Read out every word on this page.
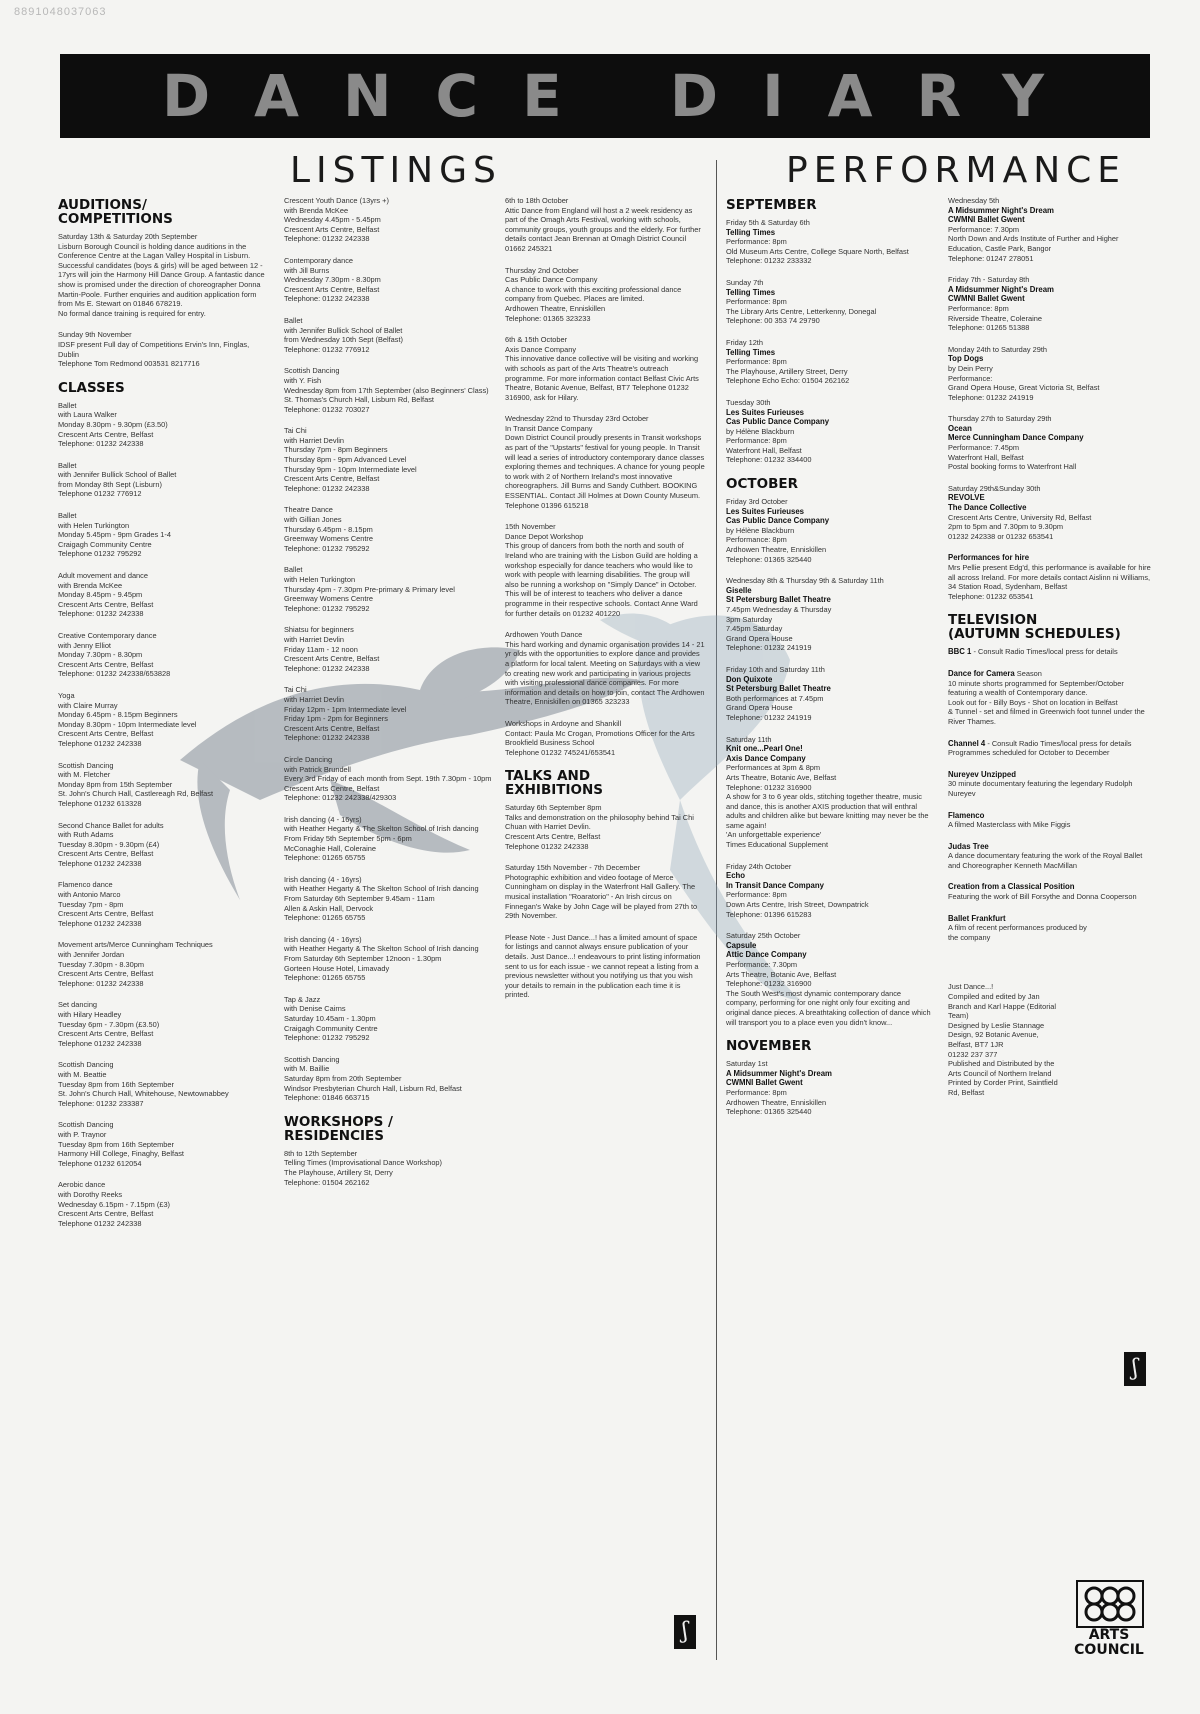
8891048037063
DANCE DIARY
LISTINGS	PERFORMANCE
AUDITIONS/
COMPETITIONS
Saturday 13th & Saturday 20th September
Lisburn Borough Council is holding dance auditions in the Conference Centre at the Lagan Valley Hospital in Lisburn. Successful candidates (boys & girls) will be aged between 12 - 17yrs will join the Harmony Hill Dance Group. A fantastic dance show is promised under the direction of choreographer Donna Martin-Poole. Further enquiries and audition application form from Ms E. Stewart on 01846 678219.
No formal dance training is required for entry.
Sunday 9th November
IDSF present Full day of Competitions Ervin's Inn, Finglas, Dublin
Telephone Tom Redmond 003531 8217716
CLASSES
Ballet
with Laura Walker
Monday 8.30pm - 9.30pm (£3.50)
Crescent Arts Centre, Belfast
Telephone: 01232 242338
Ballet
with Jennifer Bullick School of Ballet
from Monday 8th Sept (Lisburn)
Telephone 01232 776912
Ballet
with Helen Turkington
Monday 5.45pm - 9pm Grades 1-4
Craigagh Community Centre
Telephone 01232 795292
Adult movement and dance
with Brenda McKee
Monday 8.45pm - 9.45pm
Crescent Arts Centre, Belfast
Telephone: 01232 242338
Creative Contemporary dance
with Jenny Elliot
Monday 7.30pm - 8.30pm
Crescent Arts Centre, Belfast
Telephone: 01232 242338/653828
Yoga
with Claire Murray
Monday 6.45pm - 8.15pm Beginners
Monday 8.30pm - 10pm Intermediate level
Crescent Arts Centre, Belfast
Telephone 01232 242338
Scottish Dancing
with M. Fletcher
Monday 8pm from 15th September
St. John's Church Hall, Castlereagh Rd, Belfast
Telephone 01232 613328
Second Chance Ballet for adults
with Ruth Adams
Tuesday 8.30pm - 9.30pm (£4)
Crescent Arts Centre, Belfast
Telephone 01232 242338
Flamenco dance
with Antonio Marco
Tuesday 7pm - 8pm
Crescent Arts Centre, Belfast
Telephone 01232 242338
Movement arts/Merce Cunningham Techniques
with Jennifer Jordan
Tuesday 7.30pm - 8.30pm
Crescent Arts Centre, Belfast
Telephone: 01232 242338
Set dancing
with Hilary Headley
Tuesday 6pm - 7.30pm (£3.50)
Crescent Arts Centre, Belfast
Telephone 01232 242338
Scottish Dancing
with M. Beattie
Tuesday 8pm from 16th September
St. John's Church Hall, Whitehouse, Newtownabbey
Telephone: 01232 233387
Scottish Dancing
with P. Traynor
Tuesday 8pm from 16th September
Harmony Hill College, Finaghy, Belfast
Telephone 01232 612054
Aerobic dance
with Dorothy Reeks
Wednesday 6.15pm - 7.15pm (£3)
Crescent Arts Centre, Belfast
Telephone 01232 242338
Crescent Youth Dance (13yrs +)
with Brenda McKee
Wednesday 4.45pm - 5.45pm
Crescent Arts Centre, Belfast
Telephone: 01232 242338
Contemporary dance
with Jill Burns
Wednesday 7.30pm - 8.30pm
Crescent Arts Centre, Belfast
Telephone: 01232 242338
Ballet
with Jennifer Bullick School of Ballet
from Wednesday 10th Sept (Belfast)
Telephone: 01232 776912
Scottish Dancing
with Y. Fish
Wednesday 8pm from 17th September (also Beginners' Class)
St. Thomas's Church Hall, Lisburn Rd, Belfast
Telephone: 01232 703027
Tai Chi
with Harriet Devlin
Thursday 7pm - 8pm Beginners
Thursday 8pm - 9pm Advanced Level
Thursday 9pm - 10pm Intermediate level
Crescent Arts Centre, Belfast
Telephone: 01232 242338
Theatre Dance
with Gillian Jones
Thursday 6.45pm - 8.15pm
Greenway Womens Centre
Telephone: 01232 795292
Ballet
with Helen Turkington
Thursday 4pm - 7.30pm Pre-primary & Primary level
Greenway Womens Centre
Telephone: 01232 795292
Shiatsu for beginners
with Harriet Devlin
Friday 11am - 12 noon
Crescent Arts Centre, Belfast
Telephone: 01232 242338
Tai Chi
with Harriet Devlin
Friday 12pm - 1pm Intermediate level
Friday 1pm - 2pm for Beginners
Crescent Arts Centre, Belfast
Telephone: 01232 242338
Circle Dancing
with Patrick Brundell
Every 3rd Friday of each month from Sept. 19th 7.30pm - 10pm
Crescent Arts Centre, Belfast
Telephone: 01232 242338/429303
Irish dancing (4 - 16yrs)
with Heather Hegarty & The Skelton School of Irish dancing
From Friday 5th September 5pm - 6pm
McConaghie Hall, Coleraine
Telephone: 01265 65755
Irish dancing (4 - 16yrs)
with Heather Hegarty & The Skelton School of Irish dancing
From Saturday 6th September 9.45am - 11am
Allen & Askin Hall, Dervock
Telephone: 01265 65755
Irish dancing (4 - 16yrs)
with Heather Hegarty & The Skelton School of Irish dancing
From Saturday 6th September 12noon - 1.30pm
Gorteen House Hotel, Limavady
Telephone: 01265 65755
Tap & Jazz
with Denise Cairns
Saturday 10.45am - 1.30pm
Craigagh Community Centre
Telephone: 01232 795292
Scottish Dancing
with M. Baillie
Saturday 8pm from 20th September
Windsor Presbyterian Church Hall, Lisburn Rd, Belfast
Telephone: 01846 663715
WORKSHOPS /
RESIDENCIES
8th to 12th September
Telling Times (Improvisational Dance Workshop)
The Playhouse, Artillery St, Derry
Telephone: 01504 262162
6th to 18th October
Attic Dance from England will host a 2 week residency as part of the Omagh Arts Festival, working with schools, community groups, youth groups and the elderly. For further details contact Jean Brennan at Omagh District Council 01662 245321
Thursday 2nd October
Cas Public Dance Company
A chance to work with this exciting professional dance company from Quebec. Places are limited.
Ardhowen Theatre, Enniskillen
Telephone: 01365 323233
6th & 15th October
Axis Dance Company
This innovative dance collective will be visiting and working with schools as part of the Arts Theatre's outreach programme. For more information contact Belfast Civic Arts Theatre, Botanic Avenue, Belfast, BT7 Telephone 01232 316900, ask for Hilary.
Wednesday 22nd to Thursday 23rd October
In Transit Dance Company
Down District Council proudly presents in Transit workshops as part of the "Upstarts" festival for young people. In Transit will lead a series of introductory contemporary dance classes exploring themes and techniques. A chance for young people to work with 2 of Northern Ireland's most innovative choreographers. Jill Burns and Sandy Cuthbert. BOOKING ESSENTIAL. Contact Jill Holmes at Down County Museum. Telephone 01396 615218
15th November
Dance Depot Workshop
This group of dancers from both the north and south of Ireland who are training with the Lisbon Guild are holding a workshop especially for dance teachers who would like to work with people with learning disabilities. The group will also be running a workshop on "Simply Dance" in October. This will be of interest to teachers who deliver a dance programme in their respective schools. Contact Anne Ward for further details on 01232 401220
Ardhowen Youth Dance
This hard working and dynamic organisation provides 14 - 21 yr olds with the opportunities to explore dance and provides a platform for local talent. Meeting on Saturdays with a view to creating new work and participating in various projects with visiting professional dance companies. For more information and details on how to join, contact The Ardhowen Theatre, Enniskillen on 01365 323233
Workshops in Ardoyne and Shankill
Contact: Paula Mc Crogan, Promotions Officer for the Arts
Brookfield Business School
Telephone 01232 745241/653541
TALKS AND
EXHIBITIONS
Saturday 6th September 8pm
Talks and demonstration on the philosophy behind Tai Chi Chuan with Harriet Devlin.
Crescent Arts Centre, Belfast
Telephone 01232 242338
Saturday 15th November - 7th December
Photographic exhibition and video footage of Merce Cunningham on display in the Waterfront Hall Gallery. The musical installation "Roaratorio" - An Irish circus on Finnegan's Wake by John Cage will be played from 27th to 29th November.
Please Note - Just Dance...! has a limited amount of space for listings and cannot always ensure publication of your details. Just Dance...! endeavours to print listing information sent to us for each issue - we cannot repeat a listing from a previous newsletter without you notifying us that you wish your details to remain in the publication each time it is printed.
SEPTEMBER
Friday 5th & Saturday 6th
Telling Times
Performance: 8pm
Old Museum Arts Centre, College Square North, Belfast
Telephone: 01232 233332
Sunday 7th
Telling Times
Performance: 8pm
The Library Arts Centre, Letterkenny, Donegal
Telephone: 00 353 74 29790
Friday 12th
Telling Times
Performance: 8pm
The Playhouse, Artillery Street, Derry
Telephone Echo Echo: 01504 262162
Tuesday 30th
Les Suites Furieuses
Cas Public Dance Company
by Hélène Blackburn
Performance: 8pm
Waterfront Hall, Belfast
Telephone: 01232 334400
OCTOBER
Friday 3rd October
Les Suites Furieuses
Cas Public Dance Company
by Hélène Blackburn
Performance: 8pm
Ardhowen Theatre, Enniskillen
Telephone: 01365 325440
Wednesday 8th & Thursday 9th & Saturday 11th
Giselle
St Petersburg Ballet Theatre
7.45pm Wednesday & Thursday
3pm Saturday
7.45pm Saturday
Grand Opera House
Telephone: 01232 241919
Friday 10th and Saturday 11th
Don Quixote
St Petersburg Ballet Theatre
Both performances at 7.45pm
Grand Opera House
Telephone: 01232 241919
Saturday 11th
Knit one...Pearl One!
Axis Dance Company
Performances at 3pm & 8pm
Arts Theatre, Botanic Ave, Belfast
Telephone: 01232 316900
A show for 3 to 6 year olds, stitching together theatre, music and dance, this is another AXIS production that will enthral adults and children alike but beware knitting may never be the same again!
'An unforgettable experience'
Times Educational Supplement
Friday 24th October
Echo
In Transit Dance Company
Performance: 8pm
Down Arts Centre, Irish Street, Downpatrick
Telephone: 01396 615283
Saturday 25th October
Capsule
Attic Dance Company
Performance: 7.30pm
Arts Theatre, Botanic Ave, Belfast
Telephone: 01232 316900
The South West's most dynamic contemporary dance company, performing for one night only four exciting and original dance pieces. A breathtaking collection of dance which will transport you to a place even you didn't know...
NOVEMBER
Saturday 1st
A Midsummer Night's Dream
CWMNI Ballet Gwent
Performance: 8pm
Ardhowen Theatre, Enniskillen
Telephone: 01365 325440
Wednesday 5th
A Midsummer Night's Dream
CWMNI Ballet Gwent
Performance: 7.30pm
North Down and Ards Institute of Further and Higher Education, Castle Park, Bangor
Telephone: 01247 278051
Friday 7th - Saturday 8th
A Midsummer Night's Dream
CWMNI Ballet Gwent
Performance: 8pm
Riverside Theatre, Coleraine
Telephone: 01265 51388
Monday 24th to Saturday 29th
Top Dogs
by Dein Perry
Performance:
Grand Opera House, Great Victoria St, Belfast
Telephone: 01232 241919
Thursday 27th to Saturday 29th
Ocean
Merce Cunningham Dance Company
Performance: 7.45pm
Waterfront Hall, Belfast
Postal booking forms to Waterfront Hall
Saturday 29th&Sunday 30th
REVOLVE
The Dance Collective
Crescent Arts Centre, University Rd, Belfast
2pm to 5pm and 7.30pm to 9.30pm
01232 242338 or 01232 653541
Performances for hire
Mrs Pellie present Edg'd, this performance is available for hire all across Ireland. For more details contact Aislinn ni Williams, 34 Station Road, Sydenham, Belfast
Telephone: 01232 653541
TELEVISION
(AUTUMN SCHEDULES)
BBC 1 - Consult Radio Times/local press for details
Dance for Camera Season
10 minute shorts programmed for September/October featuring a wealth of Contemporary dance.
Look out for - Billy Boys - Shot on location in Belfast
& Tunnel - set and filmed in Greenwich foot tunnel under the River Thames.
Channel 4 - Consult Radio Times/local press for details
Programmes scheduled for October to December
Nureyev Unzipped
30 minute documentary featuring the legendary Rudolph Nureyev
Flamenco
A filmed Masterclass with Mike Figgis
Judas Tree
A dance documentary featuring the work of the Royal Ballet and Choreographer Kenneth MacMillan
Creation from a Classical Position
Featuring the work of Bill Forsythe and Donna Cooperson
Ballet Frankfurt
A film of recent performances produced by the company
Just Dance...!
Compiled and edited by Jan Branch and Karl Happe (Editorial Team)
Designed by Leslie Stannage Design, 92 Botanic Avenue, Belfast, BT7 1JR
01232 237 377
Published and Distributed by the Arts Council of Northern Ireland
Printed by Corder Print, Saintfield Rd, Belfast
ʃ
ʃ	ARTS
COUNCIL
